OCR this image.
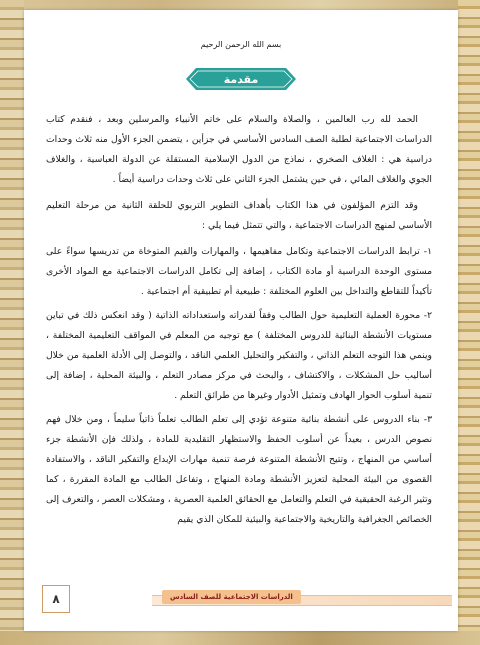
بسم الله الرحمن الرحيم
مقدمة

الحمد لله رب العالمين ، والصلاة والسلام على خاتم الأنبياء والمرسلين وبعد ، فنقدم كتاب الدراسات الاجتماعية لطلبة الصف السادس الأساسي في جزأين ، يتضمن الجزء الأول منه ثلاث وحدات دراسية هي : الغلاف الصخري ، نماذج من الدول الإسلامية المستقلة عن الدولة العباسية ، والغلاف الجوي والغلاف المائي ، في حين يشتمل الجزء الثاني على ثلاث وحدات دراسية أيضاً .

وقد التزم المؤلفون في هذا الكتاب بأهداف التطوير التربوي للحلقة الثانية من مرحلة التعليم الأساسي لمنهج الدراسات الاجتماعية ، والتي تتمثل فيما يلي :

١- ترابط الدراسات الاجتماعية وتكامل مفاهيمها ، والمهارات والقيم المتوخاة من تدريسها سواءً على مستوى الوحدة الدراسية أو مادة الكتاب ، إضافة إلى تكامل الدراسات الاجتماعية مع المواد الأخرى تأكيداً للتقاطع والتداخل بين العلوم المختلفة : طبيعية أم تطبيقية أم اجتماعية .
٢- محورة العملية التعليمية حول الطالب وفقاً لقدراته واستعداداته الذاتية ( وقد انعكس ذلك في تباين مستويات الأنشطة البنائية للدروس المختلفة ) مع توجيه من المعلم في المواقف التعليمية المختلفة ، وينمي هذا التوجه التعلم الذاتي ، والتفكير والتحليل العلمي الناقد ، والتوصل إلى الأدلة العلمية من خلال أساليب حل المشكلات ، والاكتشاف ، والبحث في مركز مصادر التعلم ، والبيئة المحلية ، إضافة إلى تنمية أسلوب الحوار الهادف وتمثيل الأدوار وغيرها من طرائق التعلم .
٣- بناء الدروس على أنشطة بنائية متنوعة تؤدي إلى تعلم الطالب تعلماً ذاتياً سليماً ، ومن خلال فهم نصوص الدرس ، بعيداً عن أسلوب الحفظ والاستظهار التقليدية للمادة ، ولذلك فإن الأنشطة جزء أساسي من المنهاج ، وتتيح الأنشطة المتنوعة فرصة تنمية مهارات الإبداع والتفكير الناقد ، والاستفادة القصوى من البيئة المحلية لتعزيز الأنشطة ومادة المنهاج ، وتفاعل الطالب مع المادة المقررة ، كما وتثير الرغبة الحقيقية في التعلم والتعامل مع الحقائق العلمية العصرية ، ومشكلات العصر ، والتعرف إلى الخصائص الجغرافية والتاريخية والاجتماعية والبيئية للمكان الذي يقيم
الدراسات الاجتماعية للصف السادس
٨
